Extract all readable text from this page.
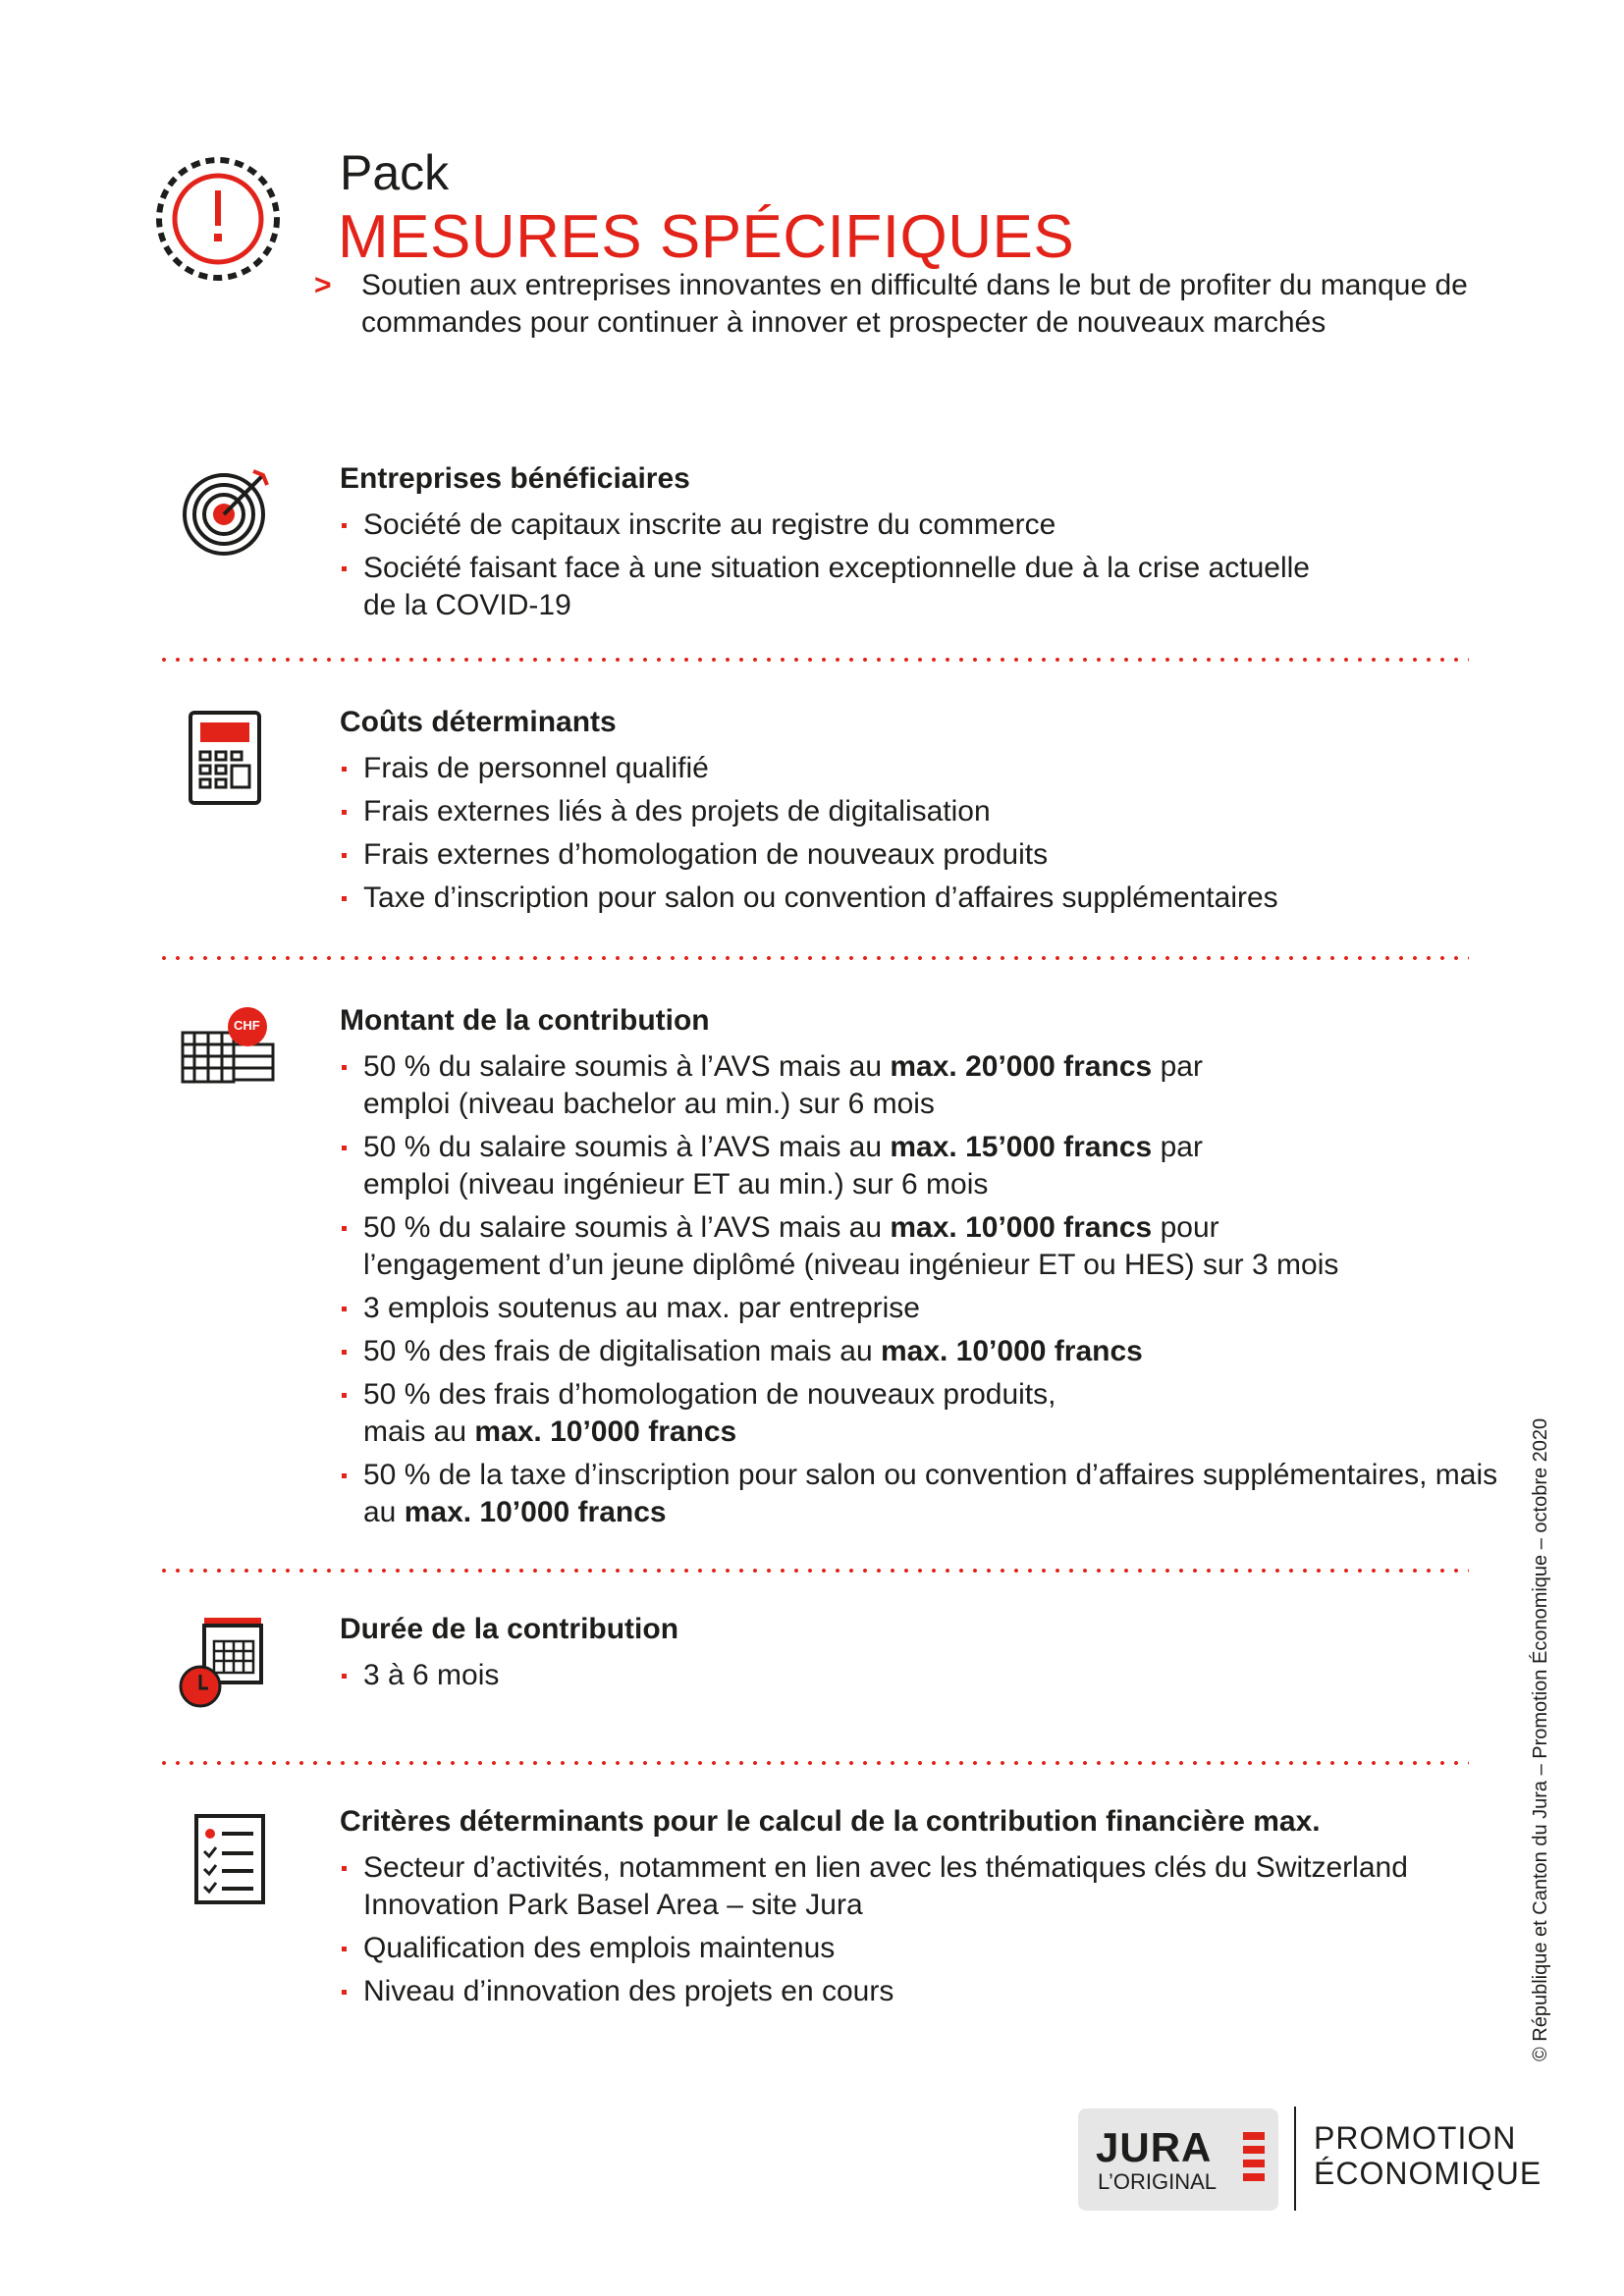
Pack
MESURES SPÉCIFIQUES

> Soutien aux entreprises innovantes en difficulté dans le but de profiter du manque de commandes pour continuer à innover et prospecter de nouveaux marchés

Entreprises bénéficiaires
Société de capitaux inscrite au registre du commerce
Société faisant face à une situation exceptionnelle due à la crise actuelle de la COVID-19
Coûts déterminants
Frais de personnel qualifié
Frais externes liés à des projets de digitalisation
Frais externes d’homologation de nouveaux produits
Taxe d’inscription pour salon ou convention d’affaires supplémentaires
CHF	Montant de la contribution
50 % du salaire soumis à l’AVS mais au max. 20’000 francs par emploi (niveau bachelor au min.) sur 6 mois
50 % du salaire soumis à l’AVS mais au max. 15’000 francs par emploi (niveau ingénieur ET au min.) sur 6 mois
50 % du salaire soumis à l’AVS mais au max. 10’000 francs pour l’engagement d’un jeune diplômé (niveau ingénieur ET ou HES) sur 3 mois
3 emplois soutenus au max. par entreprise
50 % des frais de digitalisation mais au max. 10’000 francs
50 % des frais d’homologation de nouveaux produits, mais au max. 10’000 francs
50 % de la taxe d’inscription pour salon ou convention d’affaires supplémentaires, mais au max. 10’000 francs
Durée de la contribution
3 à 6 mois
Critères déterminants pour le calcul de la contribution financière max.
Secteur d’activités, notamment en lien avec les thématiques clés du Switzerland Innovation Park Basel Area – site Jura
Qualification des emplois maintenus
Niveau d’innovation des projets en cours	© République et Canton du Jura – Promotion Économique – octobre 2020
JURA
L’ORIGINAL
PROMOTION
ÉCONOMIQUE
